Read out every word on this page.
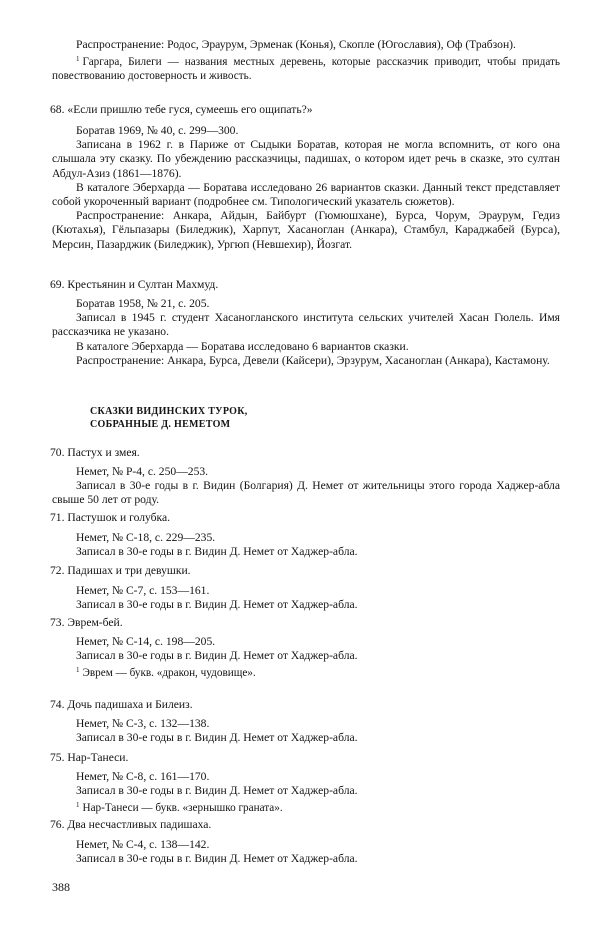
Распространение: Родос, Эраурум, Эрменак (Конья), Скопле (Югославия), Оф (Трабзон).

$^1$ Гаргара, Билеги — названия местных деревень, которые рассказчик приводит, чтобы придать повествованию достоверность и живость.

68. «Если пришлю тебе гуся, сумеешь его ощипать?»

Боратав 1969, № 40, с. 299—300.

Записана в 1962 г. в Париже от Сыдыки Боратав, которая не могла вспомнить, от кого она слышала эту сказку. По убеждению рассказчицы, падишах, о котором идет речь в сказке, это султан Абдул-Азиз (1861—1876).

В каталоге Эберхарда — Боратава исследовано 26 вариантов сказки. Данный текст представляет собой укороченный вариант (подробнее см. Типологический указатель сюжетов).

Распространение: Анкара, Айдын, Байбурт (Гюмюшхане), Бурса, Чорум, Эраурум, Гедиз (Кютахья), Гёльпазары (Биледжик), Харпут, Хасаноглан (Анкара), Стамбул, Караджабей (Бурса), Мерсин, Пазарджик (Биледжик), Ургюп (Невшехир), Йозгат.

69. Крестьянин и Султан Махмуд.

Боратав 1958, № 21, с. 205.

Записал в 1945 г. студент Хасаногланского института сельских учителей Хасан Гюлель. Имя рассказчика не указано.

В каталоге Эберхарда — Боратава исследовано 6 вариантов сказки.

Распространение: Анкара, Бурса, Девели (Кайсери), Эрзурум, Хасаноглан (Анкара), Кастамону.

СКАЗКИ ВИДИНСКИХ ТУРОК,
СОБРАННЫЕ Д. НЕМЕТОМ
70. Пастух и змея.

Немет, № Р-4, с. 250—253.

Записал в 30-е годы в г. Видин (Болгария) Д. Немет от жительницы этого города Хаджер-абла свыше 50 лет от роду.

71. Пастушок и голубка.

Немет, № С-18, с. 229—235.

Записал в 30-е годы в г. Видин Д. Немет от Хаджер-абла.

72. Падишах и три девушки.

Немет, № С-7, с. 153—161.

Записал в 30-е годы в г. Видин Д. Немет от Хаджер-абла.

73. Эврем-бей.

Немет, № С-14, с. 198—205.

Записал в 30-е годы в г. Видин Д. Немет от Хаджер-абла.

$^1$ Эврем — букв. «дракон, чудовище».

74. Дочь падишаха и Билеиз.

Немет, № С-3, с. 132—138.

Записал в 30-е годы в г. Видин Д. Немет от Хаджер-абла.

75. Нар-Танеси.

Немет, № С-8, с. 161—170.

Записал в 30-е годы в г. Видин Д. Немет от Хаджер-абла.

$^1$ Нар-Танеси — букв. «зернышко граната».

76. Два несчастливых падишаха.

Немет, № С-4, с. 138—142.

Записал в 30-е годы в г. Видин Д. Немет от Хаджер-абла.

388
